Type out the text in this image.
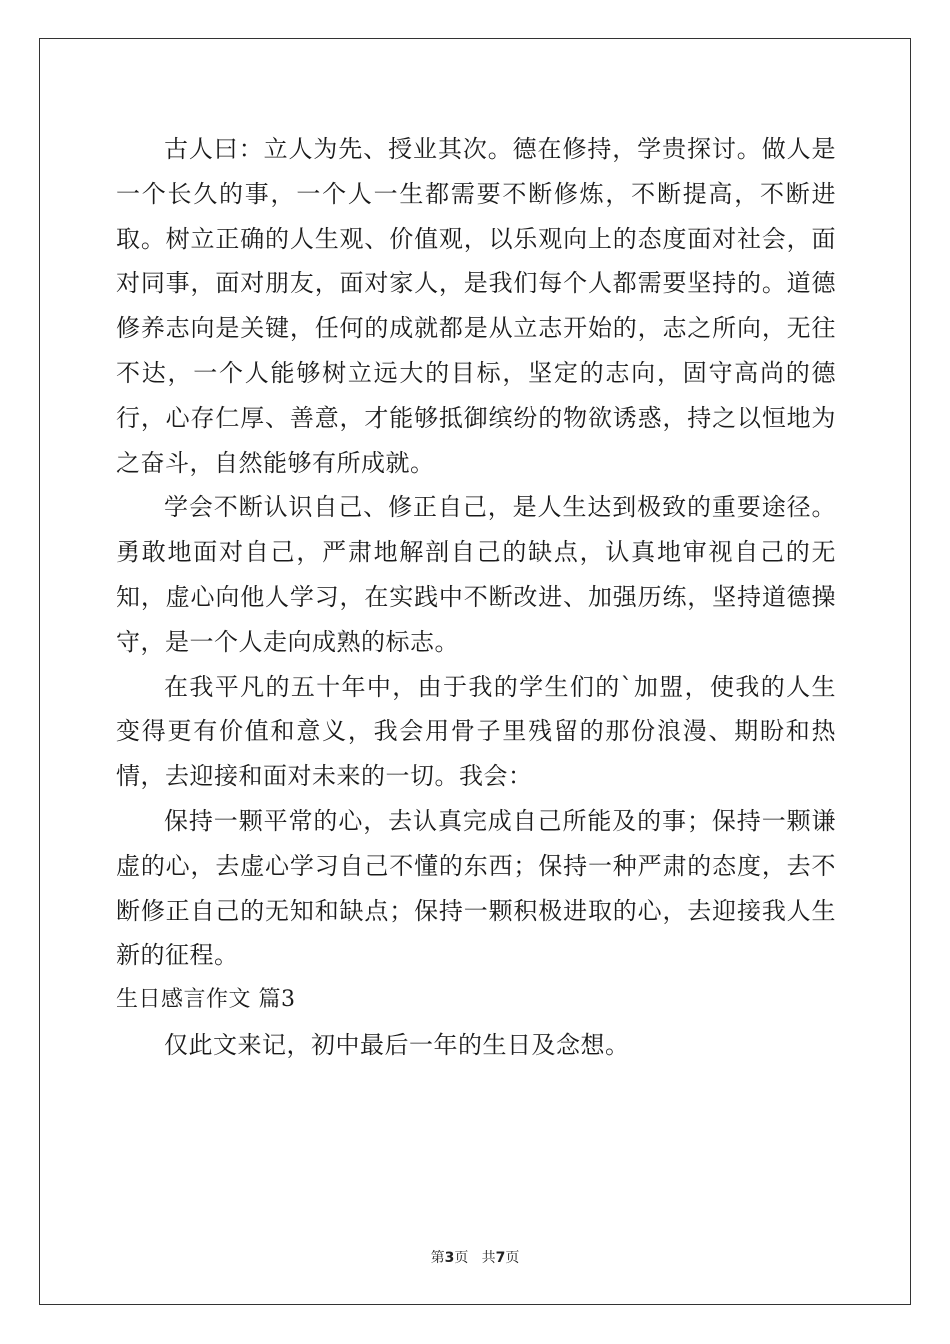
古人曰：立人为先、授业其次。德在修持，学贵探讨。做人是一个长久的事，一个人一生都需要不断修炼，不断提高，不断进取。树立正确的人生观、价值观，以乐观向上的态度面对社会，面对同事，面对朋友，面对家人，是我们每个人都需要坚持的。道德修养志向是关键，任何的成就都是从立志开始的，志之所向，无往不达，一个人能够树立远大的目标，坚定的志向，固守高尚的德行，心存仁厚、善意，才能够抵御缤纷的物欲诱惑，持之以恒地为之奋斗，自然能够有所成就。

学会不断认识自己、修正自己，是人生达到极致的重要途径。勇敢地面对自己，严肃地解剖自己的缺点，认真地审视自己的无知，虚心向他人学习，在实践中不断改进、加强历练，坚持道德操守，是一个人走向成熟的标志。

在我平凡的五十年中，由于我的学生们的`加盟，使我的人生变得更有价值和意义，我会用骨子里残留的那份浪漫、期盼和热情，去迎接和面对未来的一切。我会：

保持一颗平常的心，去认真完成自己所能及的事；保持一颗谦虚的心，去虚心学习自己不懂的东西；保持一种严肃的态度，去不断修正自己的无知和缺点；保持一颗积极进取的心，去迎接我人生新的征程。

生日感言作文 篇3

仅此文来记，初中最后一年的生日及念想。

第3页 共7页
